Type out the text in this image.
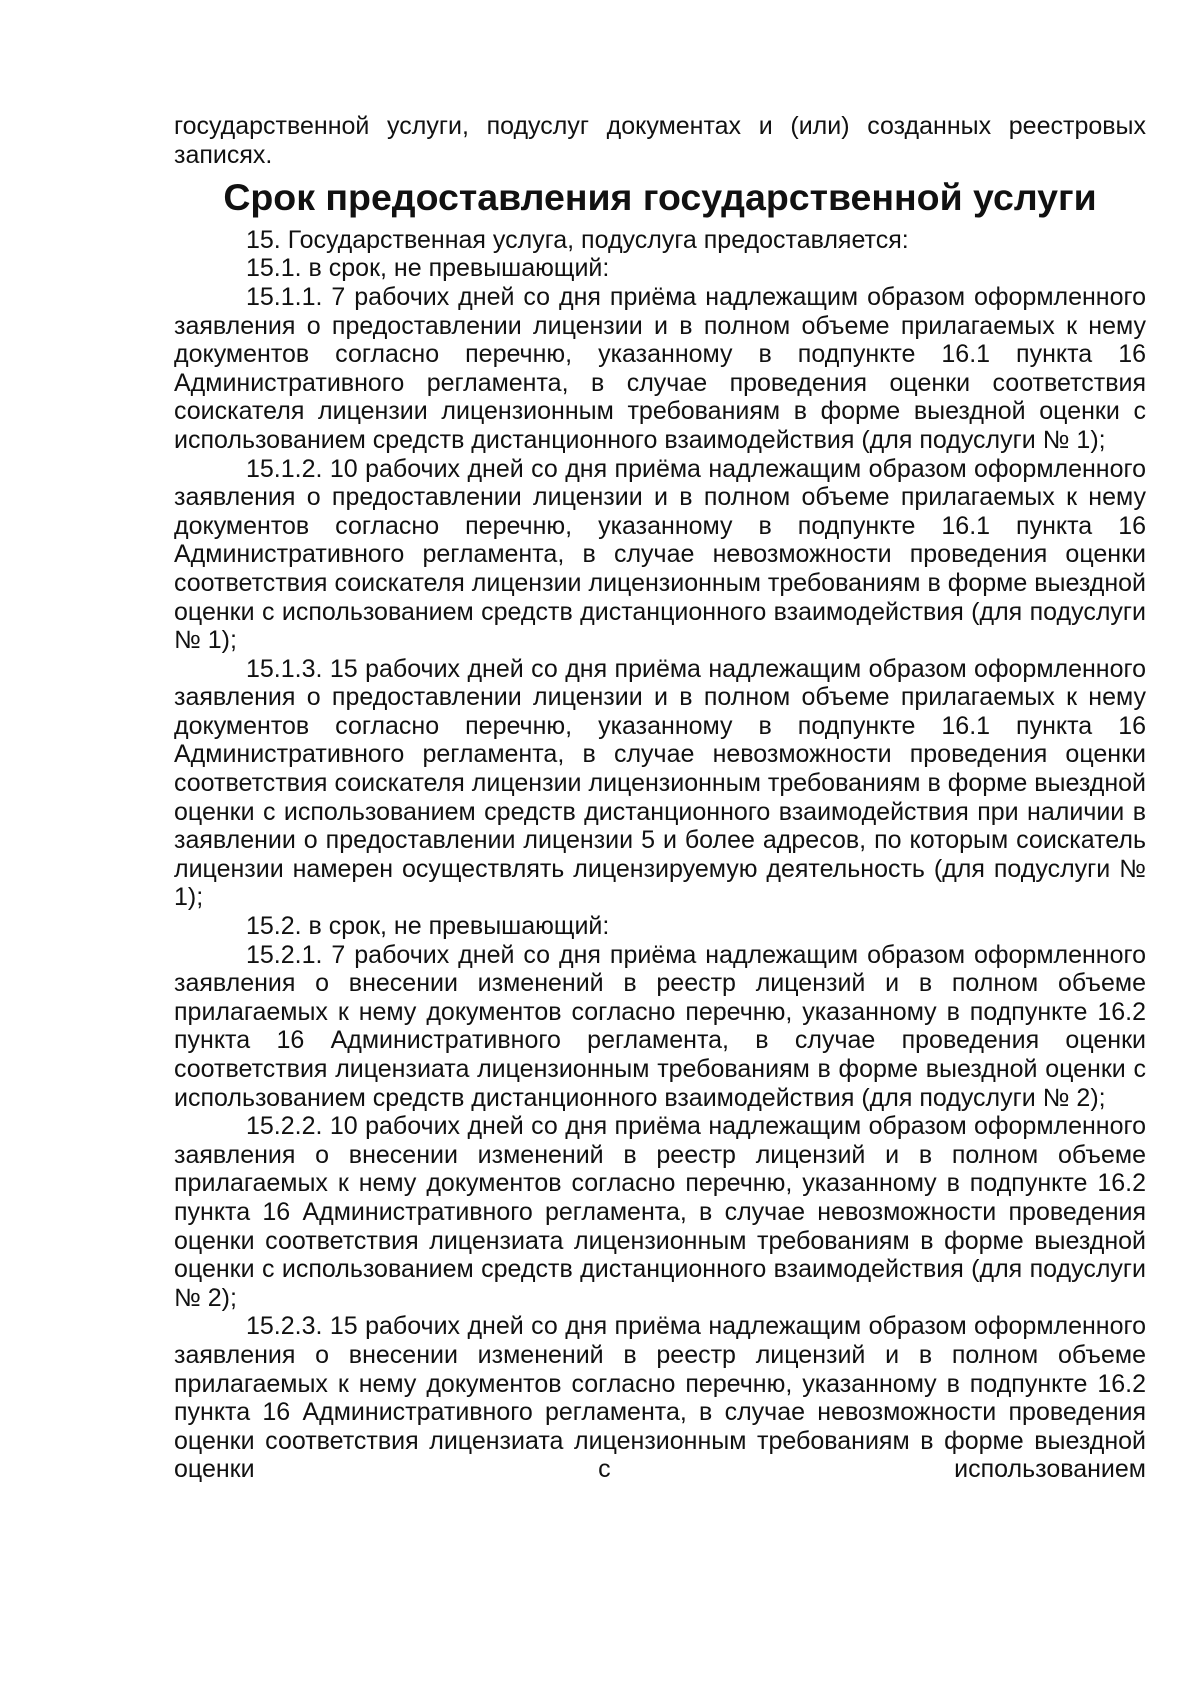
государственной услуги, подуслуг документах и (или) созданных реестровых записях.

Срок предоставления государственной услуги

15. Государственная услуга, подуслуга предоставляется:

15.1. в срок, не превышающий:

15.1.1. 7 рабочих дней со дня приёма надлежащим образом оформленного заявления о предоставлении лицензии и в полном объеме прилагаемых к нему документов согласно перечню, указанному в подпункте 16.1 пункта 16 Административного регламента, в случае проведения оценки соответствия соискателя лицензии лицензионным требованиям в форме выездной оценки с использованием средств дистанционного взаимодействия (для подуслуги № 1);

15.1.2. 10 рабочих дней со дня приёма надлежащим образом оформленного заявления о предоставлении лицензии и в полном объеме прилагаемых к нему документов согласно перечню, указанному в подпункте 16.1 пункта 16 Административного регламента, в случае невозможности проведения оценки соответствия соискателя лицензии лицензионным требованиям в форме выездной оценки с использованием средств дистанционного взаимодействия (для подуслуги № 1);

15.1.3. 15 рабочих дней со дня приёма надлежащим образом оформленного заявления о предоставлении лицензии и в полном объеме прилагаемых к нему документов согласно перечню, указанному в подпункте 16.1 пункта 16 Административного регламента, в случае невозможности проведения оценки соответствия соискателя лицензии лицензионным требованиям в форме выездной оценки с использованием средств дистанционного взаимодействия при наличии в заявлении о предоставлении лицензии 5 и более адресов, по которым соискатель лицензии намерен осуществлять лицензируемую деятельность (для подуслуги № 1);

15.2. в срок, не превышающий:

15.2.1. 7 рабочих дней со дня приёма надлежащим образом оформленного заявления о внесении изменений в реестр лицензий и в полном объеме прилагаемых к нему документов согласно перечню, указанному в подпункте 16.2 пункта 16 Административного регламента, в случае проведения оценки соответствия лицензиата лицензионным требованиям в форме выездной оценки с использованием средств дистанционного взаимодействия (для подуслуги № 2);

15.2.2. 10 рабочих дней со дня приёма надлежащим образом оформленного заявления о внесении изменений в реестр лицензий и в полном объеме прилагаемых к нему документов согласно перечню, указанному в подпункте 16.2 пункта 16 Административного регламента, в случае невозможности проведения оценки соответствия лицензиата лицензионным требованиям в форме выездной оценки с использованием средств дистанционного взаимодействия (для подуслуги № 2);

15.2.3. 15 рабочих дней со дня приёма надлежащим образом оформленного заявления о внесении изменений в реестр лицензий и в полном объеме прилагаемых к нему документов согласно перечню, указанному в подпункте 16.2 пункта 16 Административного регламента, в случае невозможности проведения оценки соответствия лицензиата лицензионным требованиям в форме выездной оценки с использованием
